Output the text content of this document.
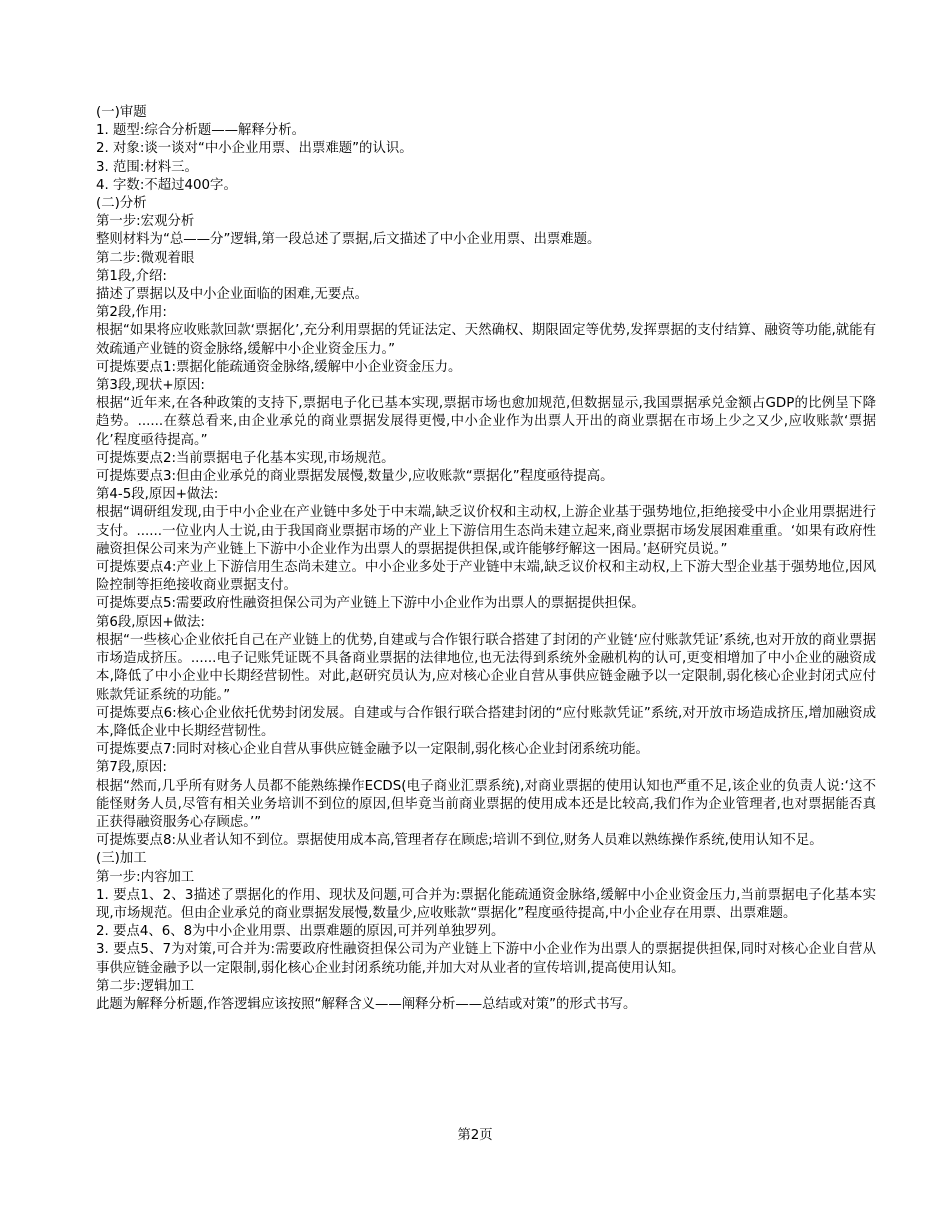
(一)审题

1. 题型:综合分析题——解释分析。

2. 对象:谈一谈对“中小企业用票、出票难题”的认识。

3. 范围:材料三。

4. 字数:不超过400字。

(二)分析

第一步:宏观分析

整则材料为“总——分”逻辑,第一段总述了票据,后文描述了中小企业用票、出票难题。

第二步:微观着眼

第1段,介绍:

描述了票据以及中小企业面临的困难,无要点。

第2段,作用:

根据“如果将应收账款回款‘票据化’,充分利用票据的凭证法定、天然确权、期限固定等优势,发挥票据的支付结算、融资等功能,就能有效疏通产业链的资金脉络,缓解中小企业资金压力。”

可提炼要点1:票据化能疏通资金脉络,缓解中小企业资金压力。

第3段,现状+原因:

根据“近年来,在各种政策的支持下,票据电子化已基本实现,票据市场也愈加规范,但数据显示,我国票据承兑金额占GDP的比例呈下降趋势。......在蔡总看来,由企业承兑的商业票据发展得更慢,中小企业作为出票人开出的商业票据在市场上少之又少,应收账款‘票据化’程度亟待提高。”

可提炼要点2:当前票据电子化基本实现,市场规范。

可提炼要点3:但由企业承兑的商业票据发展慢,数量少,应收账款“票据化”程度亟待提高。

第4-5段,原因+做法:

根据“调研组发现,由于中小企业在产业链中多处于中末端,缺乏议价权和主动权,上游企业基于强势地位,拒绝接受中小企业用票据进行支付。......一位业内人士说,由于我国商业票据市场的产业上下游信用生态尚未建立起来,商业票据市场发展困难重重。‘如果有政府性融资担保公司来为产业链上下游中小企业作为出票人的票据提供担保,或许能够纾解这一困局。’赵研究员说。”

可提炼要点4:产业上下游信用生态尚未建立。中小企业多处于产业链中末端,缺乏议价权和主动权,上下游大型企业基于强势地位,因风险控制等拒绝接收商业票据支付。

可提炼要点5:需要政府性融资担保公司为产业链上下游中小企业作为出票人的票据提供担保。

第6段,原因+做法:

根据“一些核心企业依托自己在产业链上的优势,自建或与合作银行联合搭建了封闭的产业链‘应付账款凭证’系统,也对开放的商业票据市场造成挤压。......电子记账凭证既不具备商业票据的法律地位,也无法得到系统外金融机构的认可,更变相增加了中小企业的融资成本,降低了中小企业中长期经营韧性。对此,赵研究员认为,应对核心企业自营从事供应链金融予以一定限制,弱化核心企业封闭式应付账款凭证系统的功能。”

可提炼要点6:核心企业依托优势封闭发展。自建或与合作银行联合搭建封闭的“应付账款凭证”系统,对开放市场造成挤压,增加融资成本,降低企业中长期经营韧性。

可提炼要点7:同时对核心企业自营从事供应链金融予以一定限制,弱化核心企业封闭系统功能。

第7段,原因:

根据“然而,几乎所有财务人员都不能熟练操作ECDS(电子商业汇票系统),对商业票据的使用认知也严重不足,该企业的负责人说:‘这不能怪财务人员,尽管有相关业务培训不到位的原因,但毕竟当前商业票据的使用成本还是比较高,我们作为企业管理者,也对票据能否真正获得融资服务心存顾虑。’”

可提炼要点8:从业者认知不到位。票据使用成本高,管理者存在顾虑;培训不到位,财务人员难以熟练操作系统,使用认知不足。

(三)加工

第一步:内容加工

1. 要点1、2、3描述了票据化的作用、现状及问题,可合并为:票据化能疏通资金脉络,缓解中小企业资金压力,当前票据电子化基本实现,市场规范。但由企业承兑的商业票据发展慢,数量少,应收账款“票据化”程度亟待提高,中小企业存在用票、出票难题。

2. 要点4、6、8为中小企业用票、出票难题的原因,可并列单独罗列。

3. 要点5、7为对策,可合并为:需要政府性融资担保公司为产业链上下游中小企业作为出票人的票据提供担保,同时对核心企业自营从事供应链金融予以一定限制,弱化核心企业封闭系统功能,并加大对从业者的宣传培训,提高使用认知。

第二步:逻辑加工

此题为解释分析题,作答逻辑应该按照“解释含义——阐释分析——总结或对策”的形式书写。

第2页
